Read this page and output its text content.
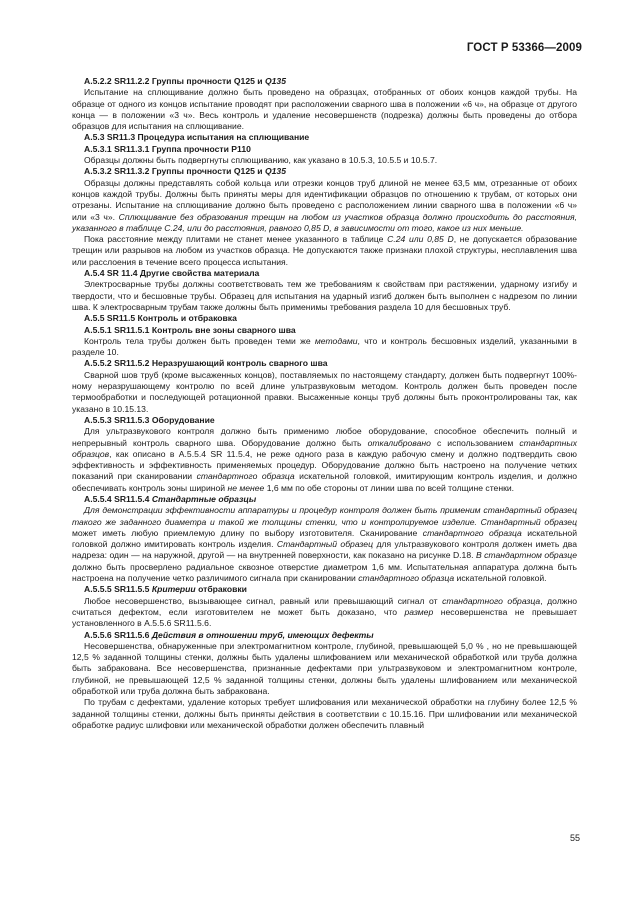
ГОСТ Р 53366—2009

A.5.2.2 SR11.2.2 Группы прочности Q125 и Q135

Испытание на сплющивание должно быть проведено на образцах, отобранных от обоих концов каждой трубы. На образце от одного из концов испытание проводят при расположении сварного шва в положении «6 ч», на образце от другого конца — в положении «3 ч». Весь контроль и удаление несовершенств (подрезка) должны быть проведены до отбора образцов для испытания на сплющивание.

A.5.3 SR11.3 Процедура испытания на сплющивание

A.5.3.1 SR11.3.1 Группа прочности P110

Образцы должны быть подвергнуты сплющиванию, как указано в 10.5.3, 10.5.5 и 10.5.7.

A.5.3.2 SR11.3.2 Группы прочности Q125 и Q135

Образцы должны представлять собой кольца или отрезки концов труб длиной не менее 63,5 мм, отрезанные от обоих концов каждой трубы. Должны быть приняты меры для идентификации образцов по отношению к трубам, от которых они отрезаны. Испытание на сплющивание должно быть проведено с расположением линии сварного шва в положении «6 ч» или «3 ч». Сплющивание без образования трещин на любом из участков образца должно происходить до расстояния, указанного в таблице C.24, или до расстояния, равного 0,85 D, в зависимости от того, какое из них меньше.

Пока расстояние между плитами не станет менее указанного в таблице C.24 или 0,85 D, не допускается образование трещин или разрывов на любом из участков образца. Не допускаются также признаки плохой структуры, несплавления шва или расслоения в течение всего процесса испытания.

A.5.4 SR 11.4 Другие свойства материала

Электросварные трубы должны соответствовать тем же требованиям к свойствам при растяжении, ударному изгибу и твердости, что и бесшовные трубы. Образец для испытания на ударный изгиб должен быть выполнен с надрезом по линии шва. К электросварным трубам также должны быть применимы требования раздела 10 для бесшовных труб.

A.5.5 SR11.5 Контроль и отбраковка

A.5.5.1 SR11.5.1 Контроль вне зоны сварного шва

Контроль тела трубы должен быть проведен теми же методами, что и контроль бесшовных изделий, указанными в разделе 10.

A.5.5.2 SR11.5.2 Неразрушающий контроль сварного шва

Сварной шов труб (кроме высаженных концов), поставляемых по настоящему стандарту, должен быть подвергнут 100%-ному неразрушающему контролю по всей длине ультразвуковым методом. Контроль должен быть проведен после термообработки и последующей ротационной правки. Высаженные концы труб должны быть проконтролированы так, как указано в 10.15.13.

A.5.5.3 SR11.5.3 Оборудование

Для ультразвукового контроля должно быть применимо любое оборудование, способное обеспечить полный и непрерывный контроль сварного шва. Оборудование должно быть откалибровано с использованием стандартных образцов, как описано в A.5.5.4 SR 11.5.4, не реже одного раза в каждую рабочую смену и должно подтвердить свою эффективность и эффективность применяемых процедур. Оборудование должно быть настроено на получение четких показаний при сканировании стандартного образца искательной головкой, имитирующим контроль изделия, и должно обеспечивать контроль зоны шириной не менее 1,6 мм по обе стороны от линии шва по всей толщине стенки.

A.5.5.4 SR11.5.4 Стандартные образцы

Для демонстрации эффективности аппаратуры и процедур контроля должен быть применим стандартный образец такого же заданного диаметра и такой же толщины стенки, что и контролируемое изделие. Стандартный образец может иметь любую приемлемую длину по выбору изготовителя. Сканирование стандартного образца искательной головкой должно имитировать контроль изделия. Стандартный образец для ультразвукового контроля должен иметь два надреза: один — на наружной, другой — на внутренней поверхности, как показано на рисунке D.18. В стандартном образце должно быть просверлено радиальное сквозное отверстие диаметром 1,6 мм. Испытательная аппаратура должна быть настроена на получение четко различимого сигнала при сканировании стандартного образца искательной головкой.

A.5.5.5 SR11.5.5 Критерии отбраковки

Любое несовершенство, вызывающее сигнал, равный или превышающий сигнал от стандартного образца, должно считаться дефектом, если изготовителем не может быть доказано, что размер несовершенства не превышает установленного в A.5.5.6 SR11.5.6.

A.5.5.6 SR11.5.6 Действия в отношении труб, имеющих дефекты

Несовершенства, обнаруженные при электромагнитном контроле, глубиной, превышающей 5,0 % , но не превышающей 12,5 % заданной толщины стенки, должны быть удалены шлифованием или механической обработкой или труба должна быть забракована. Все несовершенства, признанные дефектами при ультразвуковом и электромагнитном контроле, глубиной, не превышающей 12,5 % заданной толщины стенки, должны быть удалены шлифованием или механической обработкой или труба должна быть забракована.

По трубам с дефектами, удаление которых требует шлифования или механической обработки на глубину более 12,5 % заданной толщины стенки, должны быть приняты действия в соответствии с 10.15.16. При шлифовании или механической обработке радиус шлифовки или механической обработки должен обеспечить плавный

55
